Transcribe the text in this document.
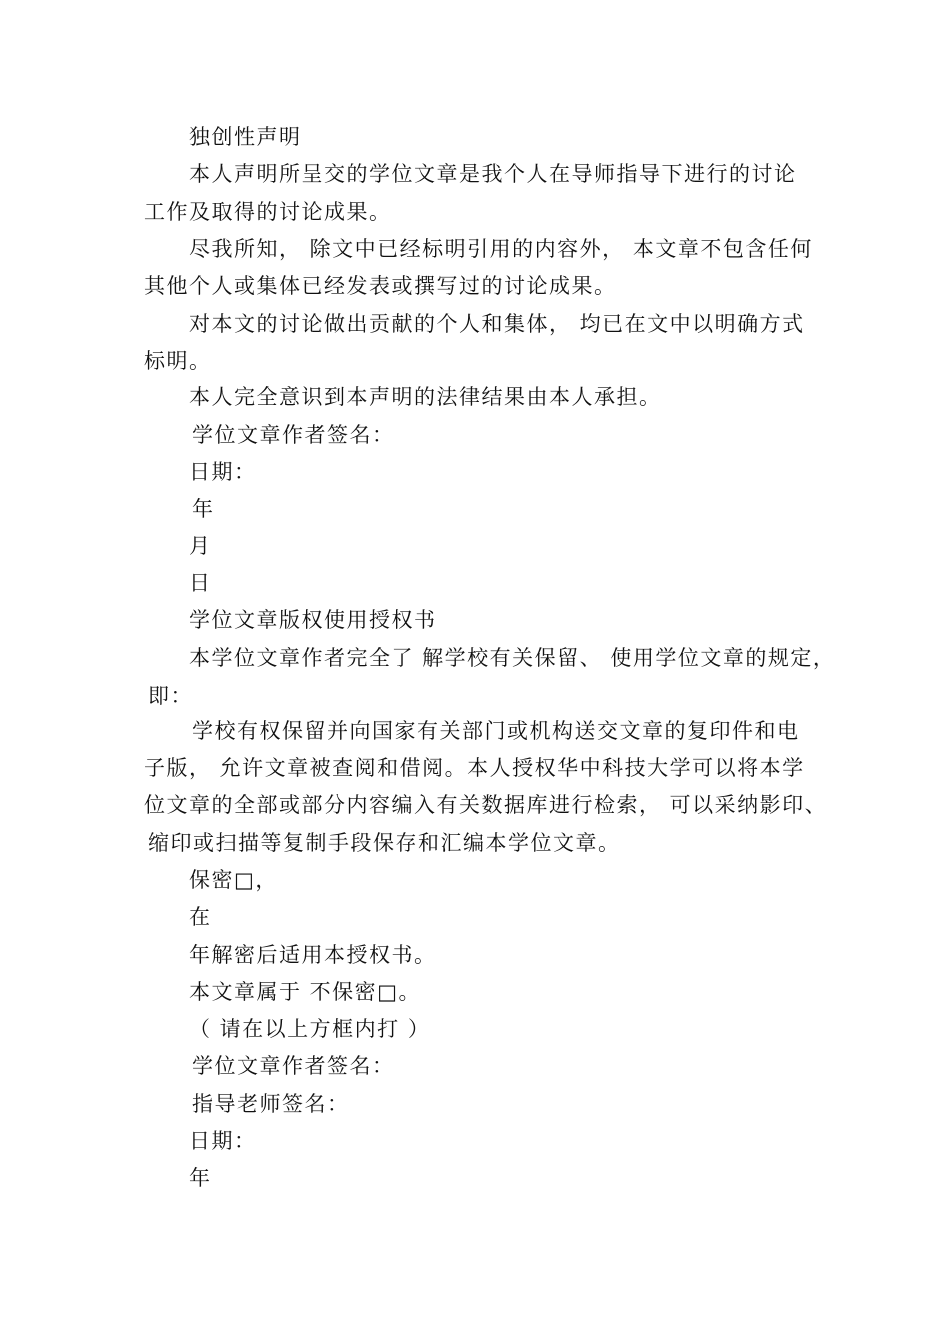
独创性声明
本人声明所呈交的学位文章是我个人在导师指导下进行的讨论
工作及取得的讨论成果。
尽我所知， 除文中已经标明引用的内容外， 本文章不包含任何
其他个人或集体已经发表或撰写过的讨论成果。
对本文的讨论做出贡献的个人和集体， 均已在文中以明确方式
标明。
本人完全意识到本声明的法律结果由本人承担。
学位文章作者签名：
日期：
年
月
日
学位文章版权使用授权书
本学位文章作者完全了 解学校有关保留、 使用学位文章的规定，
即：
学校有权保留并向国家有关部门或机构送交文章的复印件和电
子版， 允许文章被查阅和借阅。本人授权华中科技大学可以将本学
位文章的全部或部分内容编入有关数据库进行检索， 可以采纳影印、
缩印或扫描等复制手段保存和汇编本学位文章。
保密□，
在
年解密后适用本授权书。
本文章属于 不保密□。
（ 请在以上方框内打 ）
学位文章作者签名：
指导老师签名：
日期：
年
